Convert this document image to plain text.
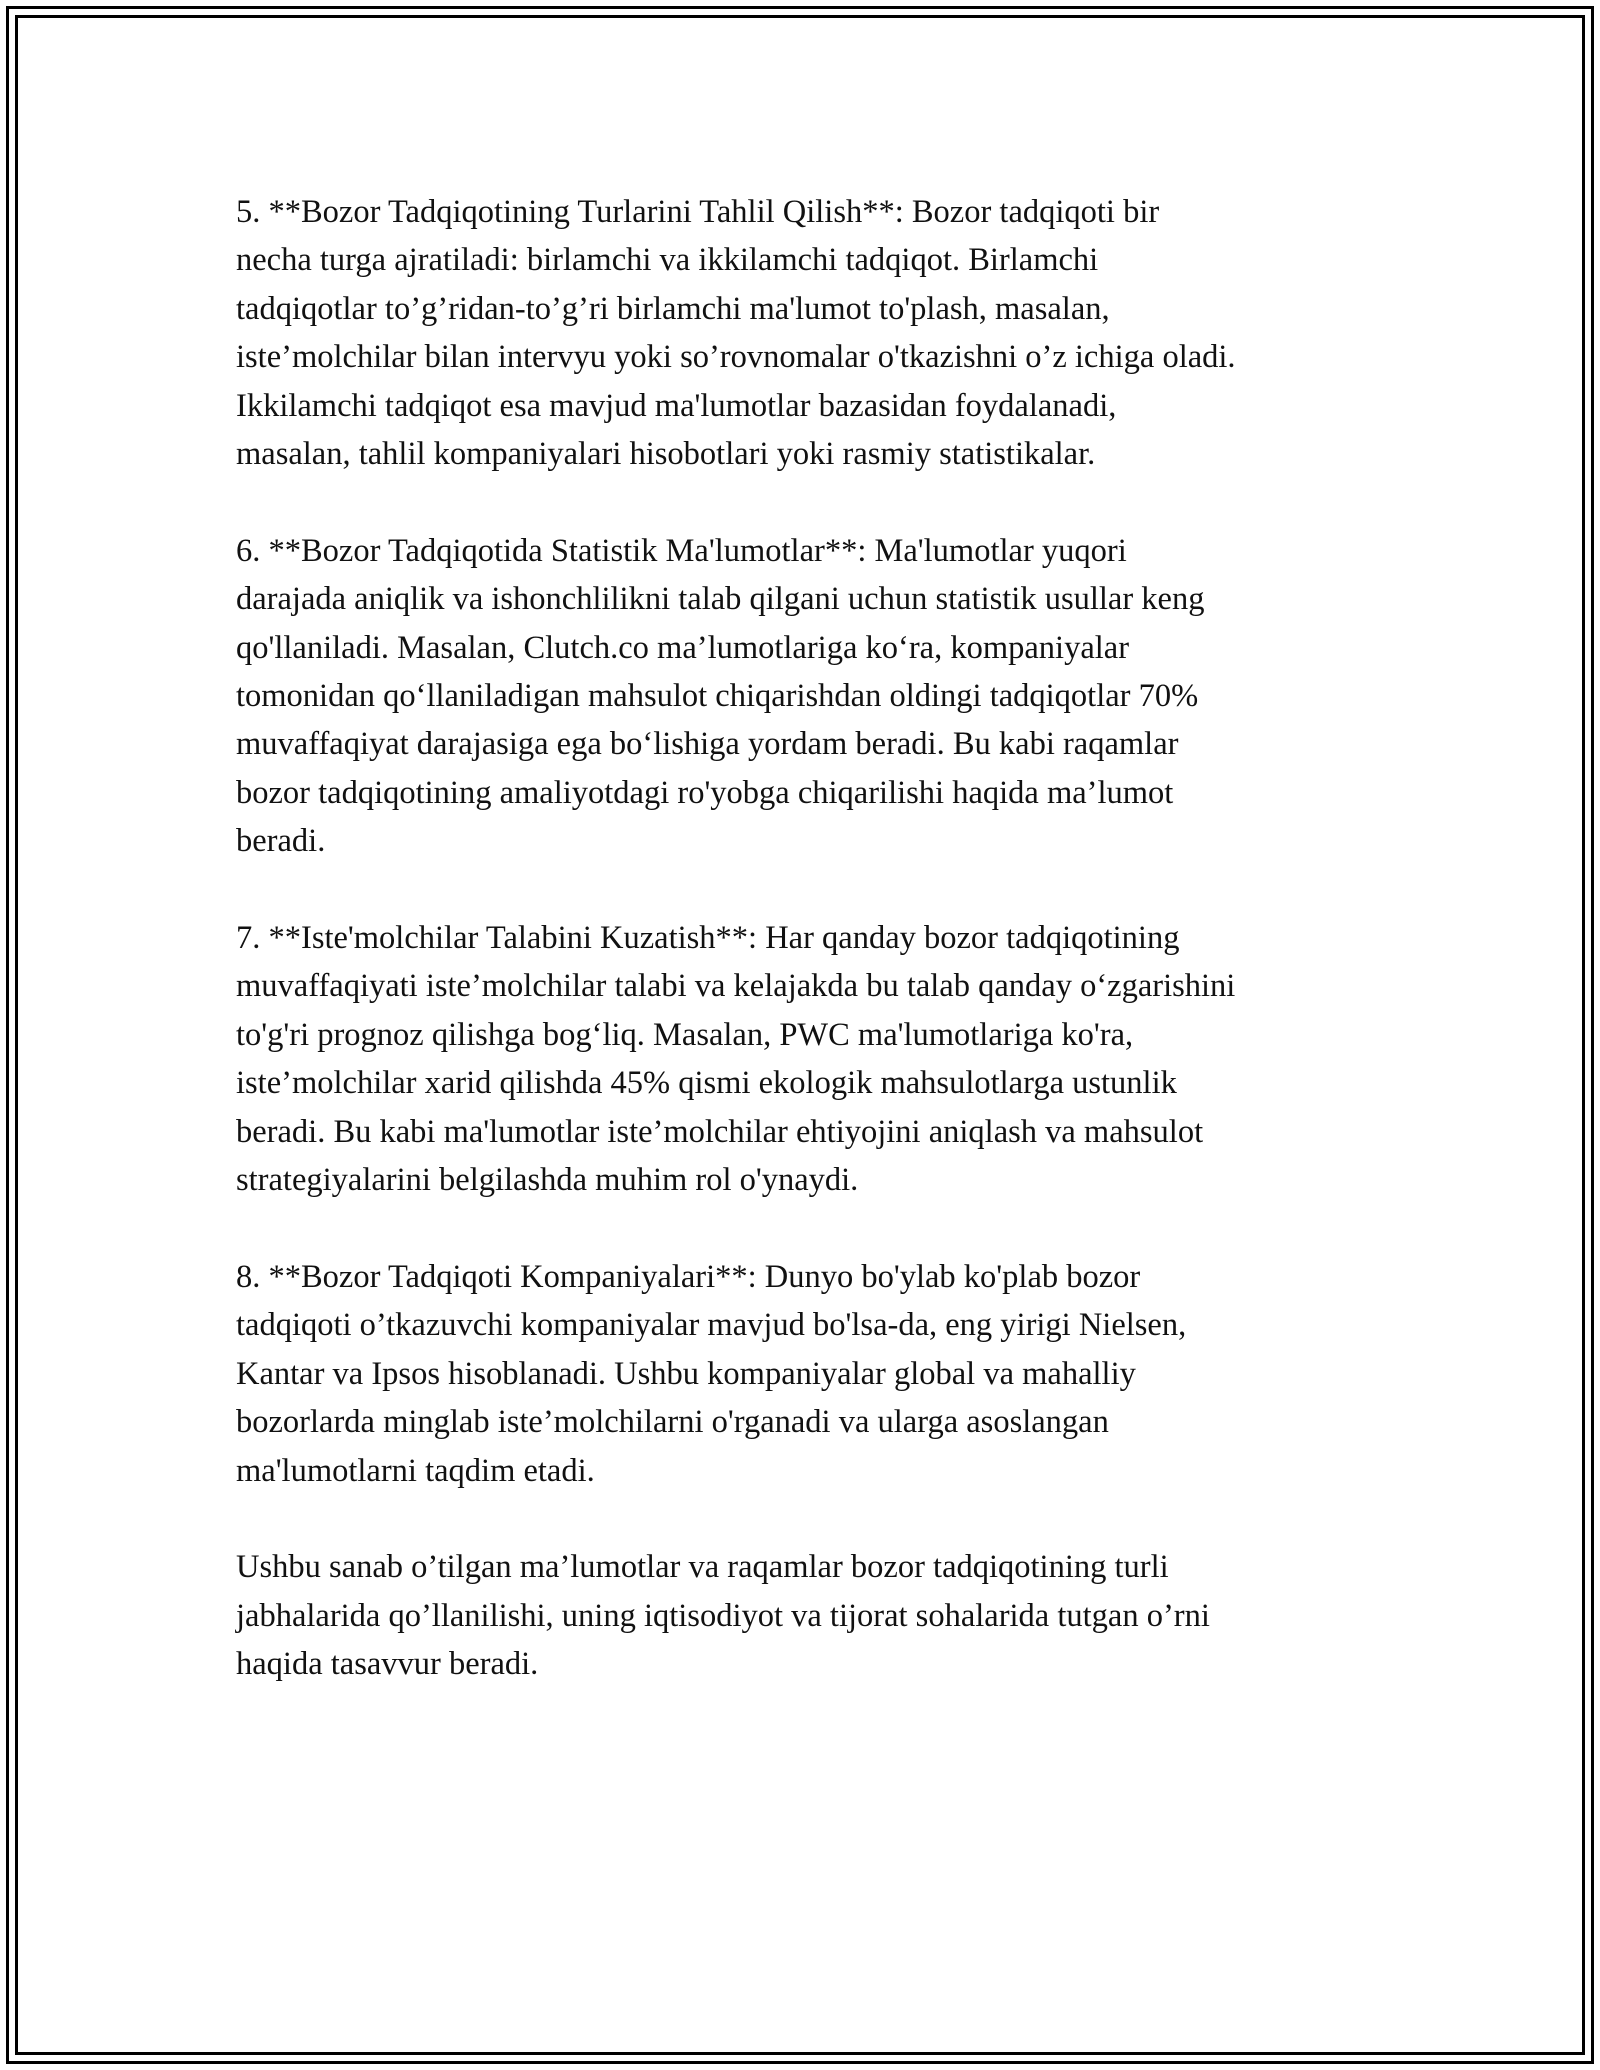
5. **Bozor Tadqiqotining Turlarini Tahlil Qilish**: Bozor tadqiqoti bir
necha turga ajratiladi: birlamchi va ikkilamchi tadqiqot. Birlamchi
tadqiqotlar to’g’ridan-to’g’ri birlamchi ma'lumot to'plash, masalan,
iste’molchilar bilan intervyu yoki so’rovnomalar o'tkazishni o’z ichiga oladi.
Ikkilamchi tadqiqot esa mavjud ma'lumotlar bazasidan foydalanadi,
masalan, tahlil kompaniyalari hisobotlari yoki rasmiy statistikalar.

6. **Bozor Tadqiqotida Statistik Ma'lumotlar**: Ma'lumotlar yuqori
darajada aniqlik va ishonchlilikni talab qilgani uchun statistik usullar keng
qo'llaniladi. Masalan, Clutch.co ma’lumotlariga ko‘ra, kompaniyalar
tomonidan qo‘llaniladigan mahsulot chiqarishdan oldingi tadqiqotlar 70%
muvaffaqiyat darajasiga ega bo‘lishiga yordam beradi. Bu kabi raqamlar
bozor tadqiqotining amaliyotdagi ro'yobga chiqarilishi haqida ma’lumot
beradi.

7. **Iste'molchilar Talabini Kuzatish**: Har qanday bozor tadqiqotining
muvaffaqiyati iste’molchilar talabi va kelajakda bu talab qanday o‘zgarishini
to'g'ri prognoz qilishga bog‘liq. Masalan, PWC ma'lumotlariga ko'ra,
iste’molchilar xarid qilishda 45% qismi ekologik mahsulotlarga ustunlik
beradi. Bu kabi ma'lumotlar iste’molchilar ehtiyojini aniqlash va mahsulot
strategiyalarini belgilashda muhim rol o'ynaydi.

8. **Bozor Tadqiqoti Kompaniyalari**: Dunyo bo'ylab ko'plab bozor
tadqiqoti o’tkazuvchi kompaniyalar mavjud bo'lsa-da, eng yirigi Nielsen,
Kantar va Ipsos hisoblanadi. Ushbu kompaniyalar global va mahalliy
bozorlarda minglab iste’molchilarni o'rganadi va ularga asoslangan
ma'lumotlarni taqdim etadi.

Ushbu sanab o’tilgan ma’lumotlar va raqamlar bozor tadqiqotining turli
jabhalarida qo’llanilishi, uning iqtisodiyot va tijorat sohalarida tutgan o’rni
haqida tasavvur beradi.
